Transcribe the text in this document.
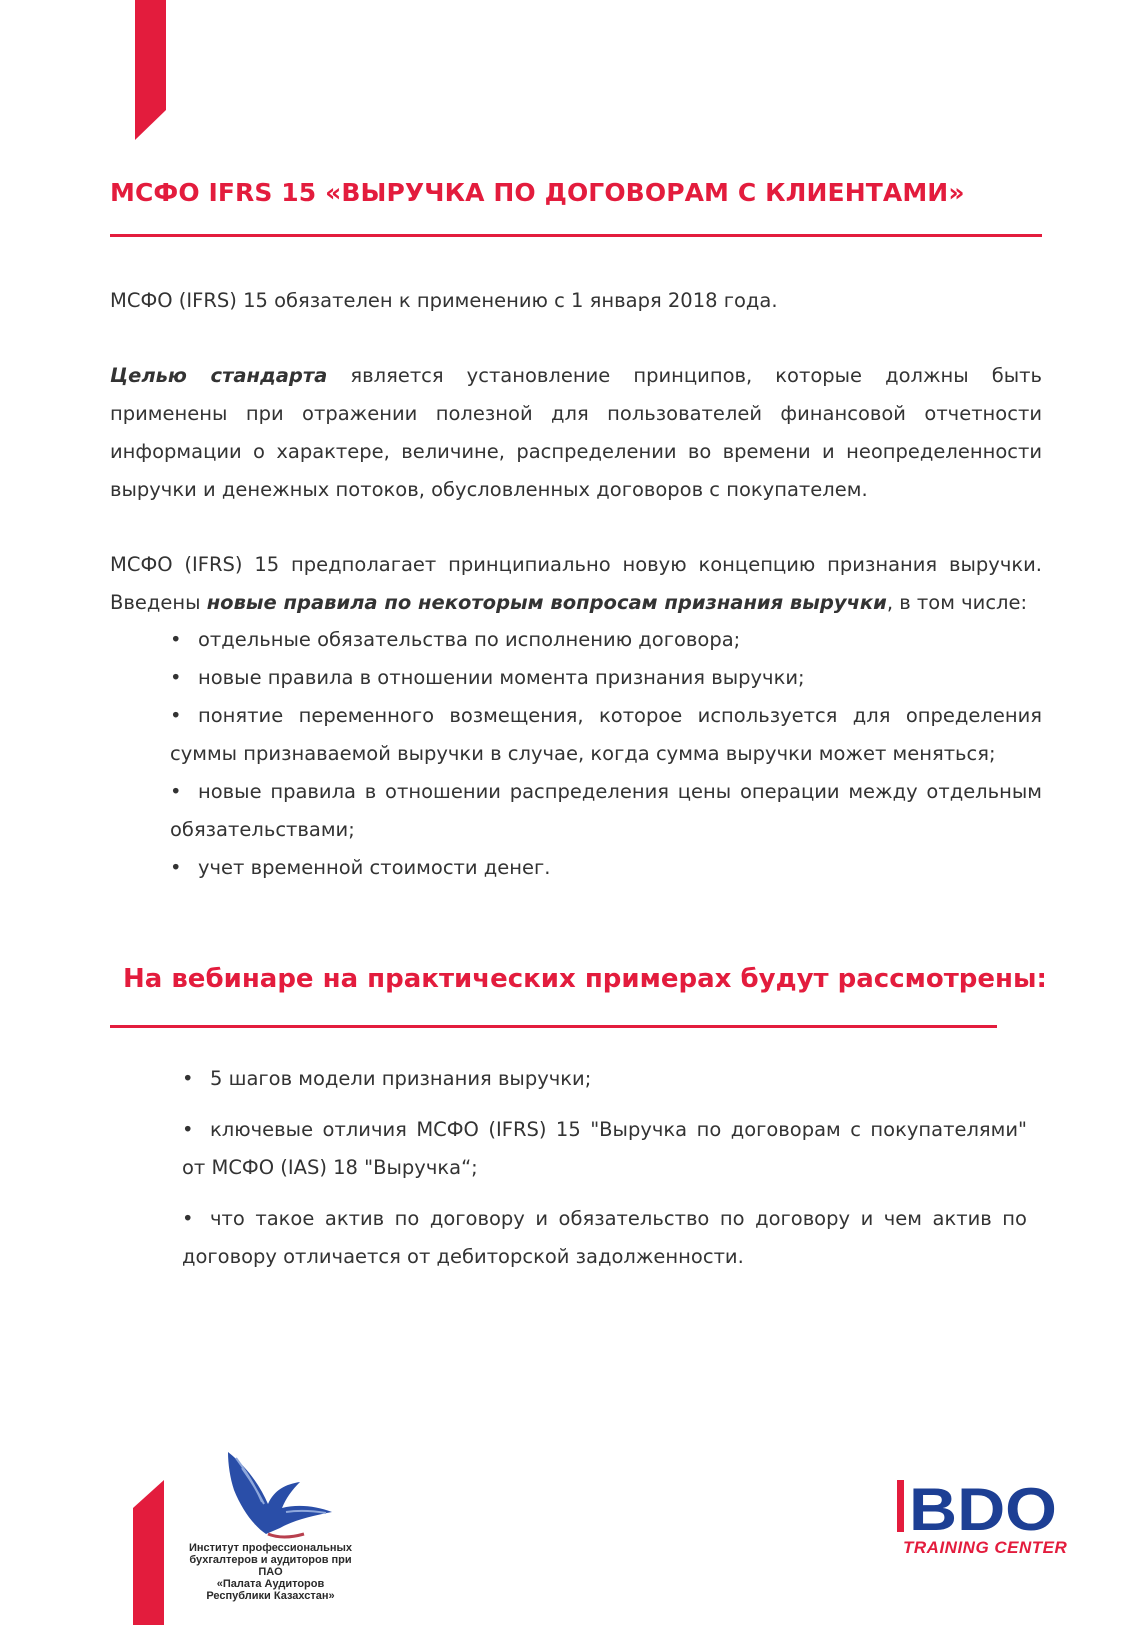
МСФО IFRS 15 «ВЫРУЧКА ПО ДОГОВОРАМ С КЛИЕНТАМИ»

МСФО (IFRS) 15 обязателен к применению с 1 января 2018 года.

Целью стандарта является установление принципов, которые должны быть применены при отражении полезной для пользователей финансовой отчетности информации о характере, величине, распределении во времени и неопределенности выручки и денежных потоков, обусловленных договоров с покупателем.

МСФО (IFRS) 15 предполагает принципиально новую концепцию признания выручки. Введены новые правила по некоторым вопросам признания выручки, в том числе:

• отдельные обязательства по исполнению договора;
• новые правила в отношении момента признания выручки;
• понятие переменного возмещения, которое используется для определения суммы признаваемой выручки в случае, когда сумма выручки может меняться;
• новые правила в отношении распределения цены операции между отдельным обязательствами;
• учет временной стоимости денег.
На вебинаре на практических примерах будут рассмотрены:
• 5 шагов модели признания выручки;
• ключевые отличия МСФО (IFRS) 15 "Выручка по договорам с покупателями" от МСФО (IAS) 18 "Выручка“;
• что такое актив по договору и обязательство по договору и чем актив по договору отличается от дебиторской задолженности.
Институт профессиональных
бухгалтеров и аудиторов при
ПАО
«Палата Аудиторов
Республики Казахстан»
BDO
TRAINING CENTER
